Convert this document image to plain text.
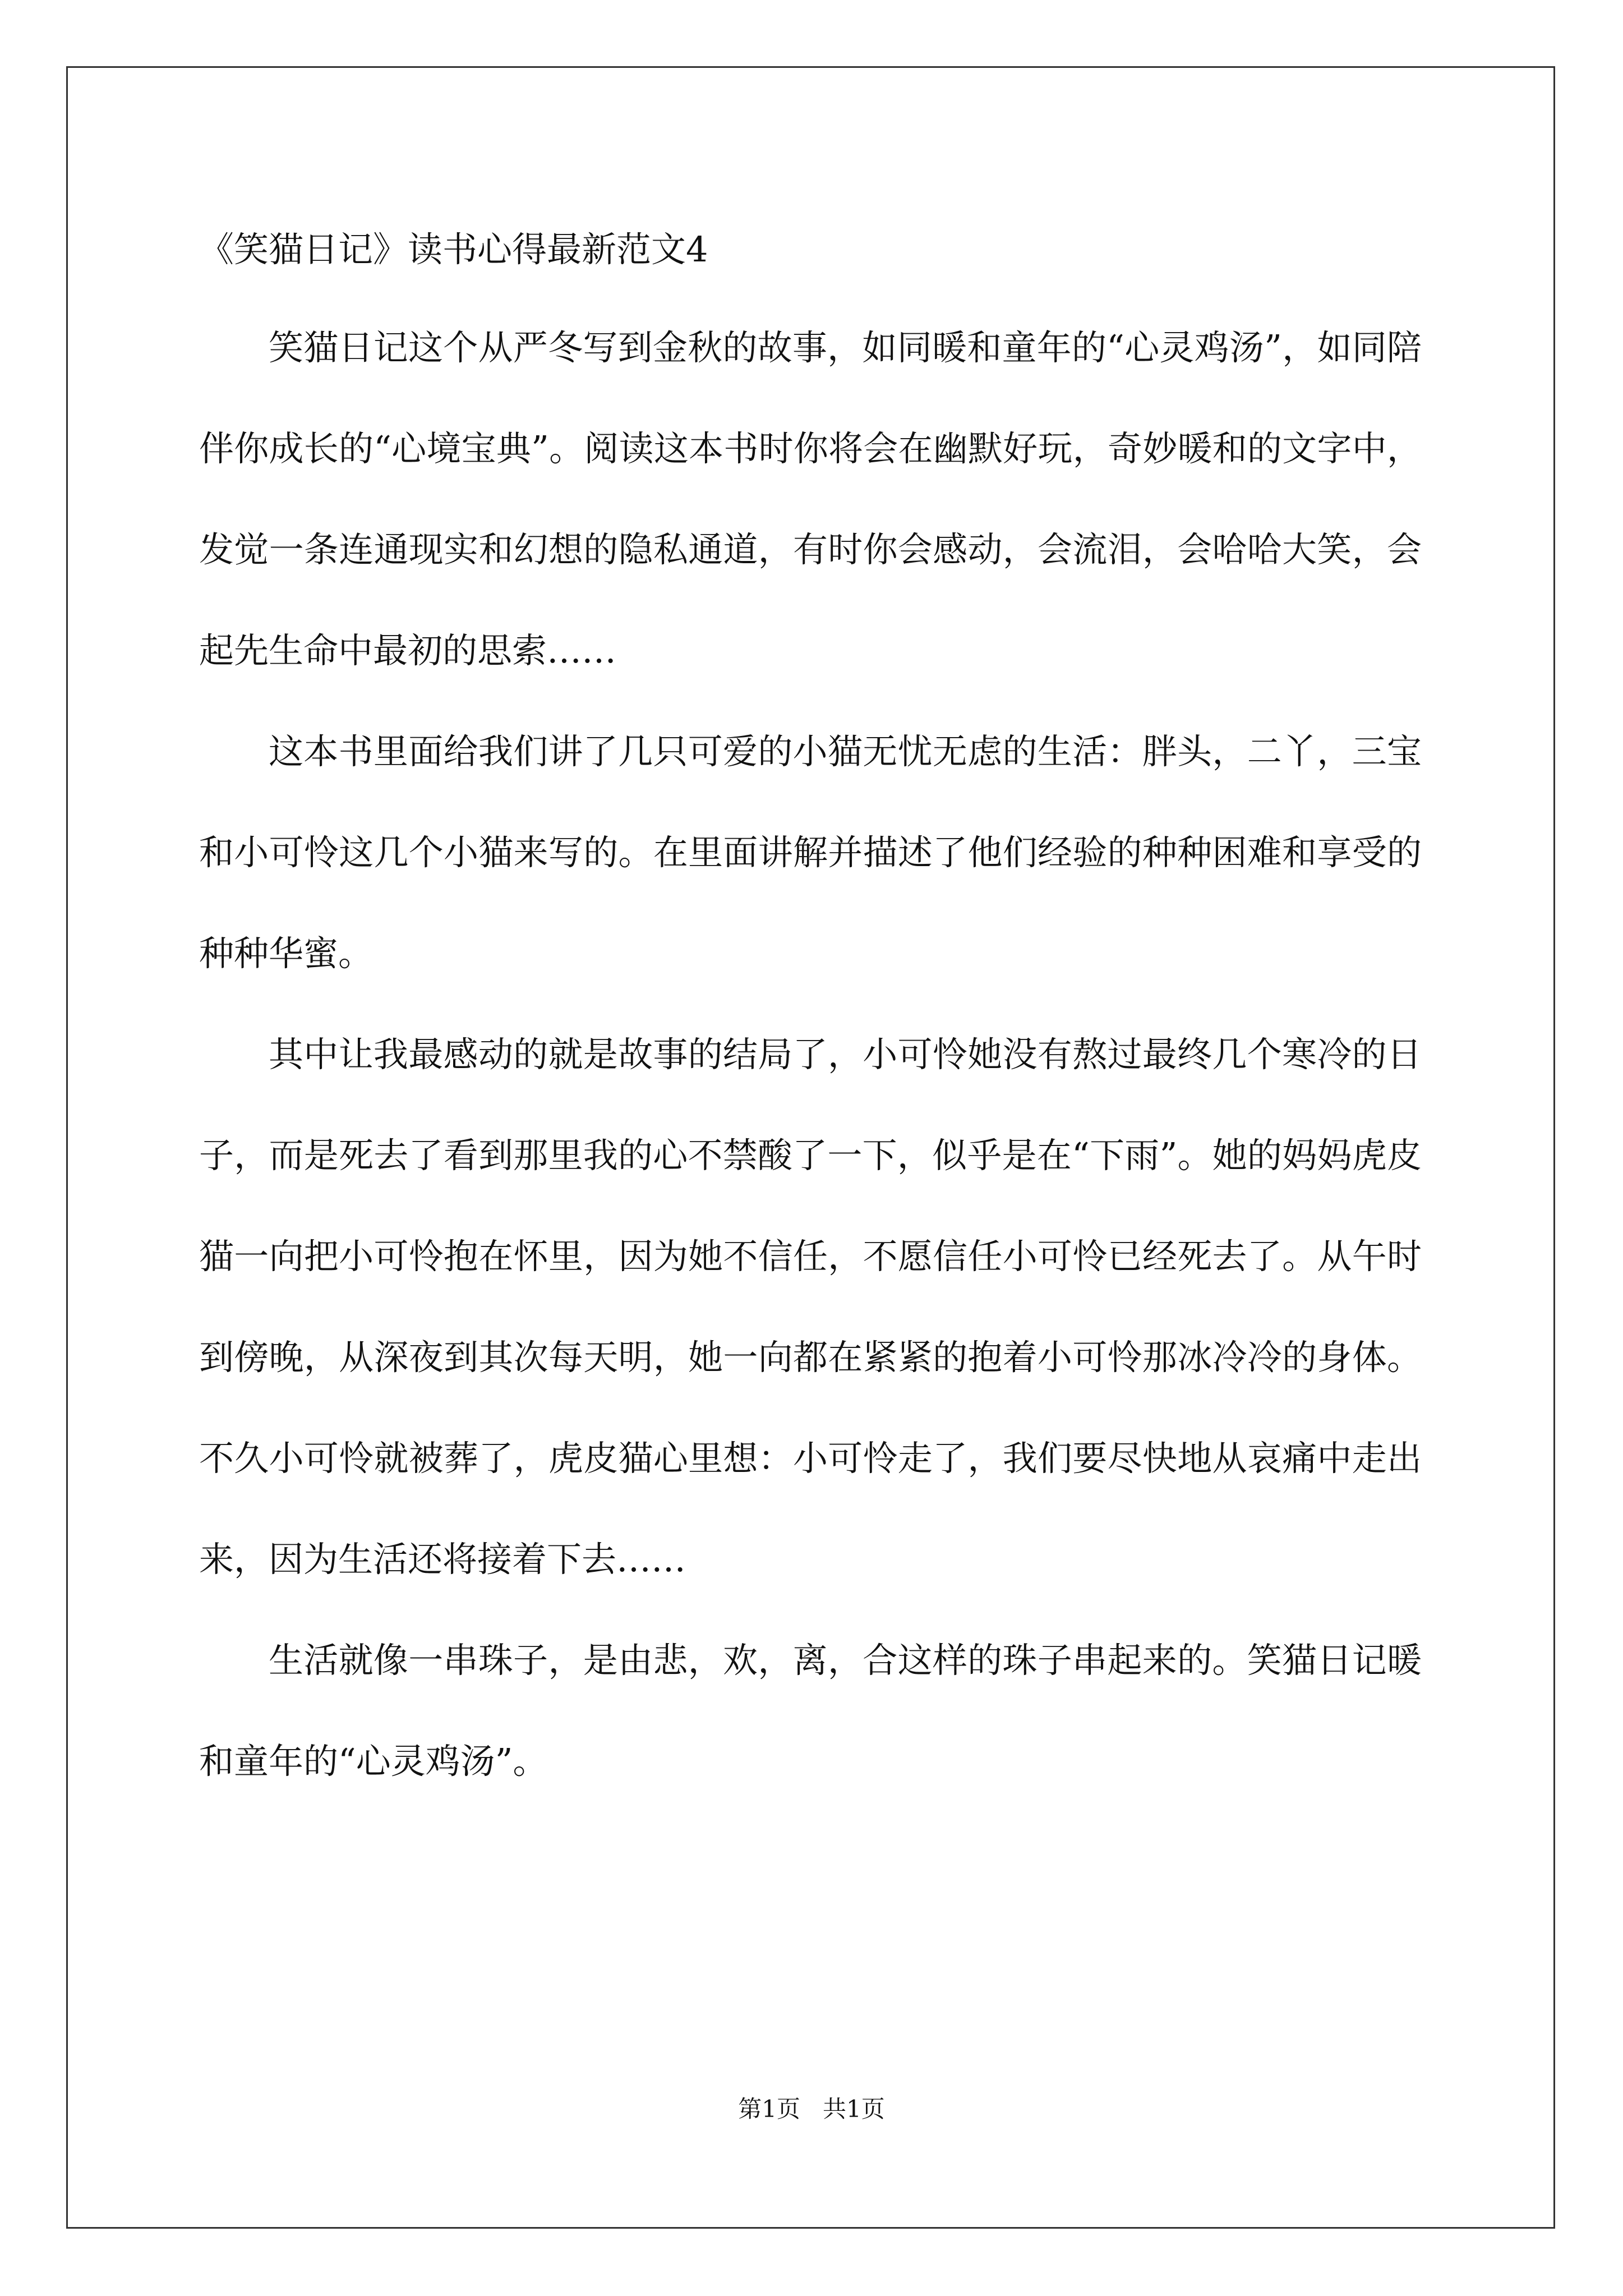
《笑猫日记》读书心得最新范文4

笑猫日记这个从严冬写到金秋的故事，如同暖和童年的“心灵鸡汤”，如同陪伴你成长的“心境宝典”。阅读这本书时你将会在幽默好玩，奇妙暖和的文字中，发觉一条连通现实和幻想的隐私通道，有时你会感动，会流泪，会哈哈大笑，会起先生命中最初的思索……

这本书里面给我们讲了几只可爱的小猫无忧无虑的生活：胖头，二丫，三宝和小可怜这几个小猫来写的。在里面讲解并描述了他们经验的种种困难和享受的种种华蜜。

其中让我最感动的就是故事的结局了，小可怜她没有熬过最终几个寒冷的日子，而是死去了看到那里我的心不禁酸了一下，似乎是在“下雨”。她的妈妈虎皮猫一向把小可怜抱在怀里，因为她不信任，不愿信任小可怜已经死去了。从午时到傍晚，从深夜到其次每天明，她一向都在紧紧的抱着小可怜那冰冷冷的身体。不久小可怜就被葬了，虎皮猫心里想：小可怜走了，我们要尽快地从哀痛中走出来，因为生活还将接着下去……

生活就像一串珠子，是由悲，欢，离，合这样的珠子串起来的。笑猫日记暖和童年的“心灵鸡汤”。

第1页   共1页
